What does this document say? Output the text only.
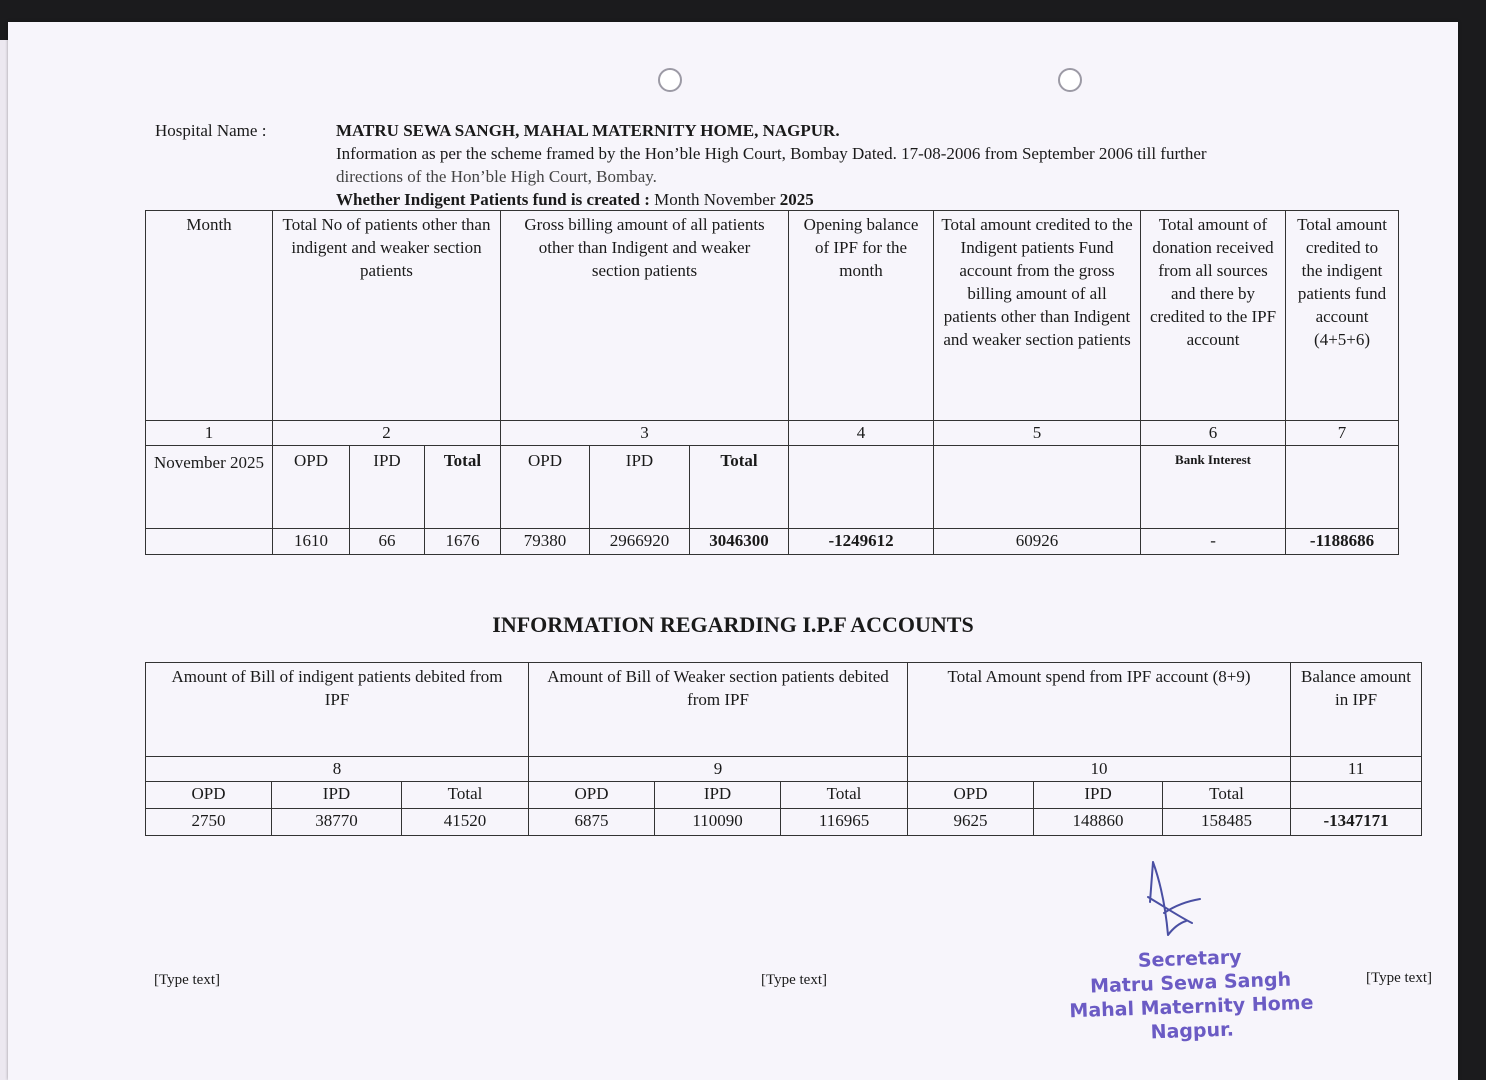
Hospital Name :	MATRU SEWA SANGH, MAHAL MATERNITY HOME, NAGPUR.
Information as per the scheme framed by the Hon’ble High Court, Bombay Dated. 17-08-2006 from September 2006 till further
directions of the Hon’ble High Court, Bombay.
Whether Indigent Patients fund is created : Month November 2025
Month	Total No of patients other than indigent and weaker section patients			Gross billing amount of all patients other than Indigent and weaker section patients			Opening balance of IPF for the month	Total amount credited to the Indigent patients Fund account from the gross billing amount of all patients other than Indigent and weaker section patients	Total amount of donation received from all sources and there by credited to the IPF account	Total amount credited to the indigent patients fund account (4+5+6)
1	2			3			4	5	6	7
November 2025	OPD	IPD	Total	OPD	IPD	Total			Bank Interest	
	1610	66	1676	79380	2966920	3046300	-1249612	60926	-	-1188686
INFORMATION REGARDING I.P.F ACCOUNTS
Amount of Bill of indigent patients debited from IPF			Amount of Bill of Weaker section patients debited from IPF			Total Amount spend from IPF account (8+9)			Balance amount in IPF
8			9			10			11
OPD	IPD	Total	OPD	IPD	Total	OPD	IPD	Total	
2750	38770	41520	6875	110090	116965	9625	148860	158485	-1347171
Secretary
Matru Sewa Sangh
Mahal Maternity Home
Nagpur.
[Type text]	[Type text]	[Type text]
